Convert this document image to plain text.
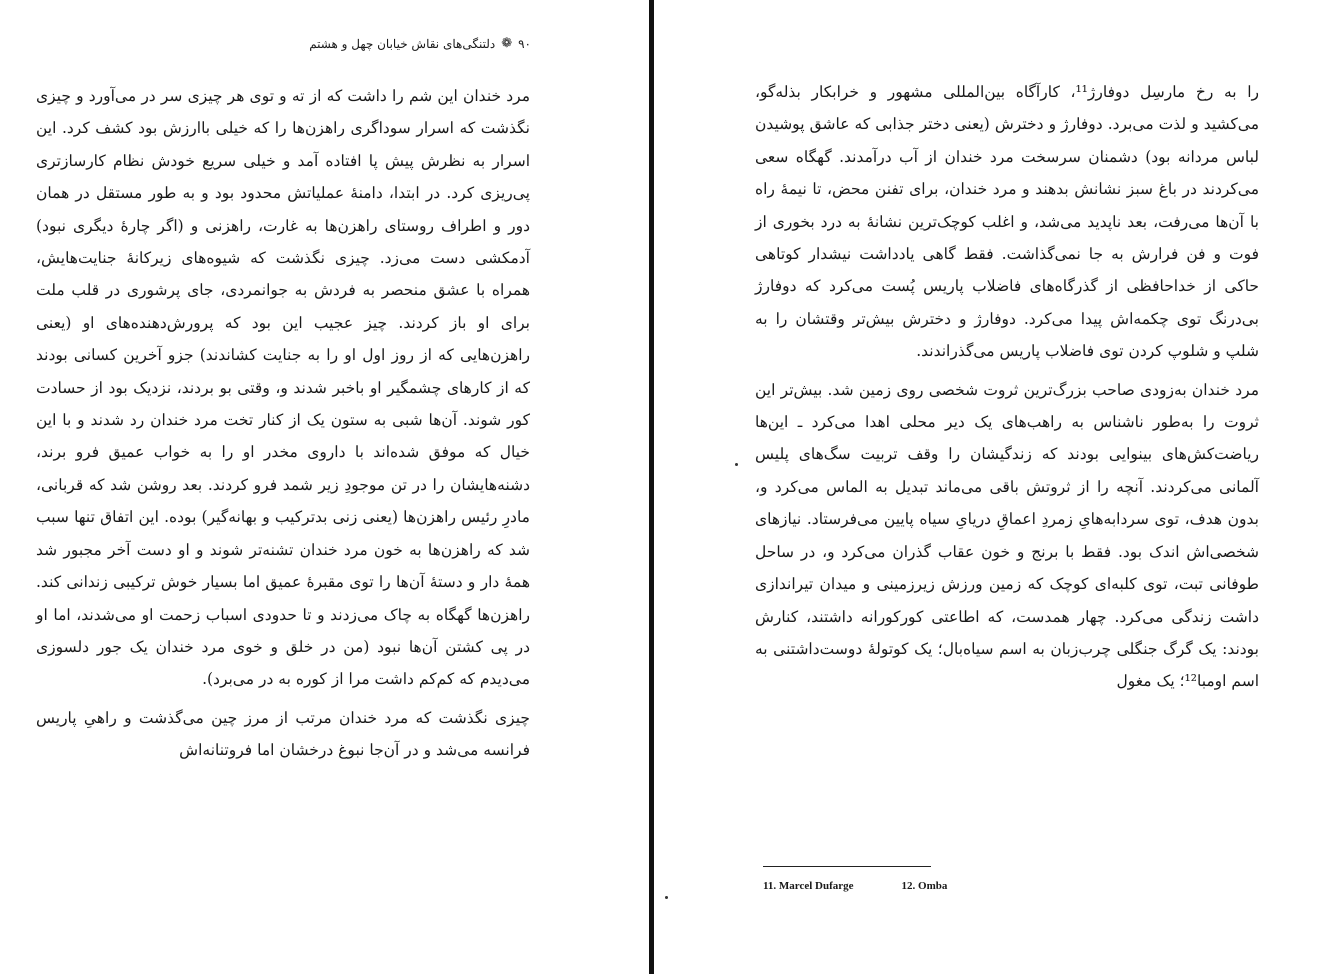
۹۰
❁
دلتنگی‌های نقاش خیابان چهل و هشتم

مرد خندان این شم را داشت که از ته و توی هر چیزی سر در می‌آورد و چیزی نگذشت که اسرار سوداگری راهزن‌ها را که خیلی باارزش بود کشف کرد. این اسرار به نظرش پیش پا افتاده آمد و خیلی سریع خودش نظام کارسازتری پی‌ریزی کرد. در ابتدا، دامنهٔ عملیاتش محدود بود و به طور مستقل در همان دور و اطراف روستای راهزن‌ها به غارت، راهزنی و (اگر چارهٔ دیگری نبود) آدمکشی دست می‌زد. چیزی نگذشت که شیوه‌های زیرکانهٔ جنایت‌هایش، همراه با عشق منحصر به فردش به جوانمردی، جای پرشوری در قلب ملت برای او باز کردند. چیز عجیب این بود که پرورش‌دهنده‌های او (یعنی راهزن‌هایی که از روز اول او را به جنایت کشاندند) جزو آخرین کسانی بودند که از کارهای چشمگیر او باخبر شدند و، وقتی بو بردند، نزدیک بود از حسادت کور شوند. آن‌ها شبی به ستون یک از کنار تخت مرد خندان رد شدند و با این خیال که موفق شده‌اند با داروی مخدر او را به خواب عمیق فرو برند، دشنه‌هایشان را در تن موجودِ زیر شمد فرو کردند. بعد روشن شد که قربانی، مادرِ رئیس راهزن‌ها (یعنی زنی بدترکیب و بهانه‌گیر) بوده. این اتفاق تنها سبب شد که راهزن‌ها به خون مرد خندان تشنه‌تر شوند و او دست آخر مجبور شد همهٔ دار و دستهٔ آن‌ها را توی مقبرهٔ عمیق اما بسیار خوش ترکیبی زندانی کند. راهزن‌ها گهگاه به چاک می‌زدند و تا حدودی اسباب زحمت او می‌شدند، اما او در پی کشتن آن‌ها نبود (من در خلق و خوی مرد خندان یک جور دلسوزی می‌دیدم که کم‌کم داشت مرا از کوره به در می‌برد).

چیزی نگذشت که مرد خندان مرتب از مرز چین می‌گذشت و راهیِ پاریس فرانسه می‌شد و در آن‌جا نبوغ درخشان اما فروتنانه‌اش

را به رخ مارسِل دوفارژ¹¹، کارآگاه بین‌المللی مشهور و خرابکار بذله‌گو، می‌کشید و لذت می‌برد. دوفارژ و دخترش (یعنی دختر جذابی که عاشق پوشیدن لباس مردانه بود) دشمنان سرسخت مرد خندان از آب درآمدند. گهگاه سعی می‌کردند در باغ سبز نشانش بدهند و مرد خندان، برای تفنن محض، تا نیمهٔ راه با آن‌ها می‌رفت، بعد ناپدید می‌شد، و اغلب کوچک‌ترین نشانهٔ به درد بخوری از فوت و فن فرارش به جا نمی‌گذاشت. فقط گاهی یادداشت نیشدار کوتاهی حاکی از خداحافظی از گذرگاه‌های فاضلاب پاریس پُست می‌کرد که دوفارژ بی‌درنگ توی چکمه‌اش پیدا می‌کرد. دوفارژ و دخترش بیش‌تر وقتشان را به شلپ و شلوپ کردن توی فاضلاب پاریس می‌گذراندند.

مرد خندان به‌زودی صاحب بزرگ‌ترین ثروت شخصی روی زمین شد. بیش‌تر این ثروت را به‌طور ناشناس به راهب‌های یک دیر محلی اهدا می‌کرد ـ این‌ها ریاضت‌کش‌های بینوایی بودند که زندگیشان را وقف تربیت سگ‌های پلیس آلمانی می‌کردند. آنچه را از ثروتش باقی می‌ماند تبدیل به الماس می‌کرد و، بدون هدف، توی سردابه‌هایِ زمردِ اعماقِ دریایِ سیاه پایین می‌فرستاد. نیازهای شخصی‌اش اندک بود. فقط با برنج و خون عقاب گذران می‌کرد و، در ساحل طوفانی تبت، توی کلبه‌ای کوچک که زمین ورزش زیرزمینی و میدان تیراندازی داشت زندگی می‌کرد. چهار همدست، که اطاعتی کورکورانه داشتند، کنارش بودند: یک گرگ جنگلی چرب‌زبان به اسم سیاه‌بال؛ یک کوتولهٔ دوست‌داشتنی به اسم اومبا¹²؛ یک مغول

11. Marcel Dufarge	12. Omba
